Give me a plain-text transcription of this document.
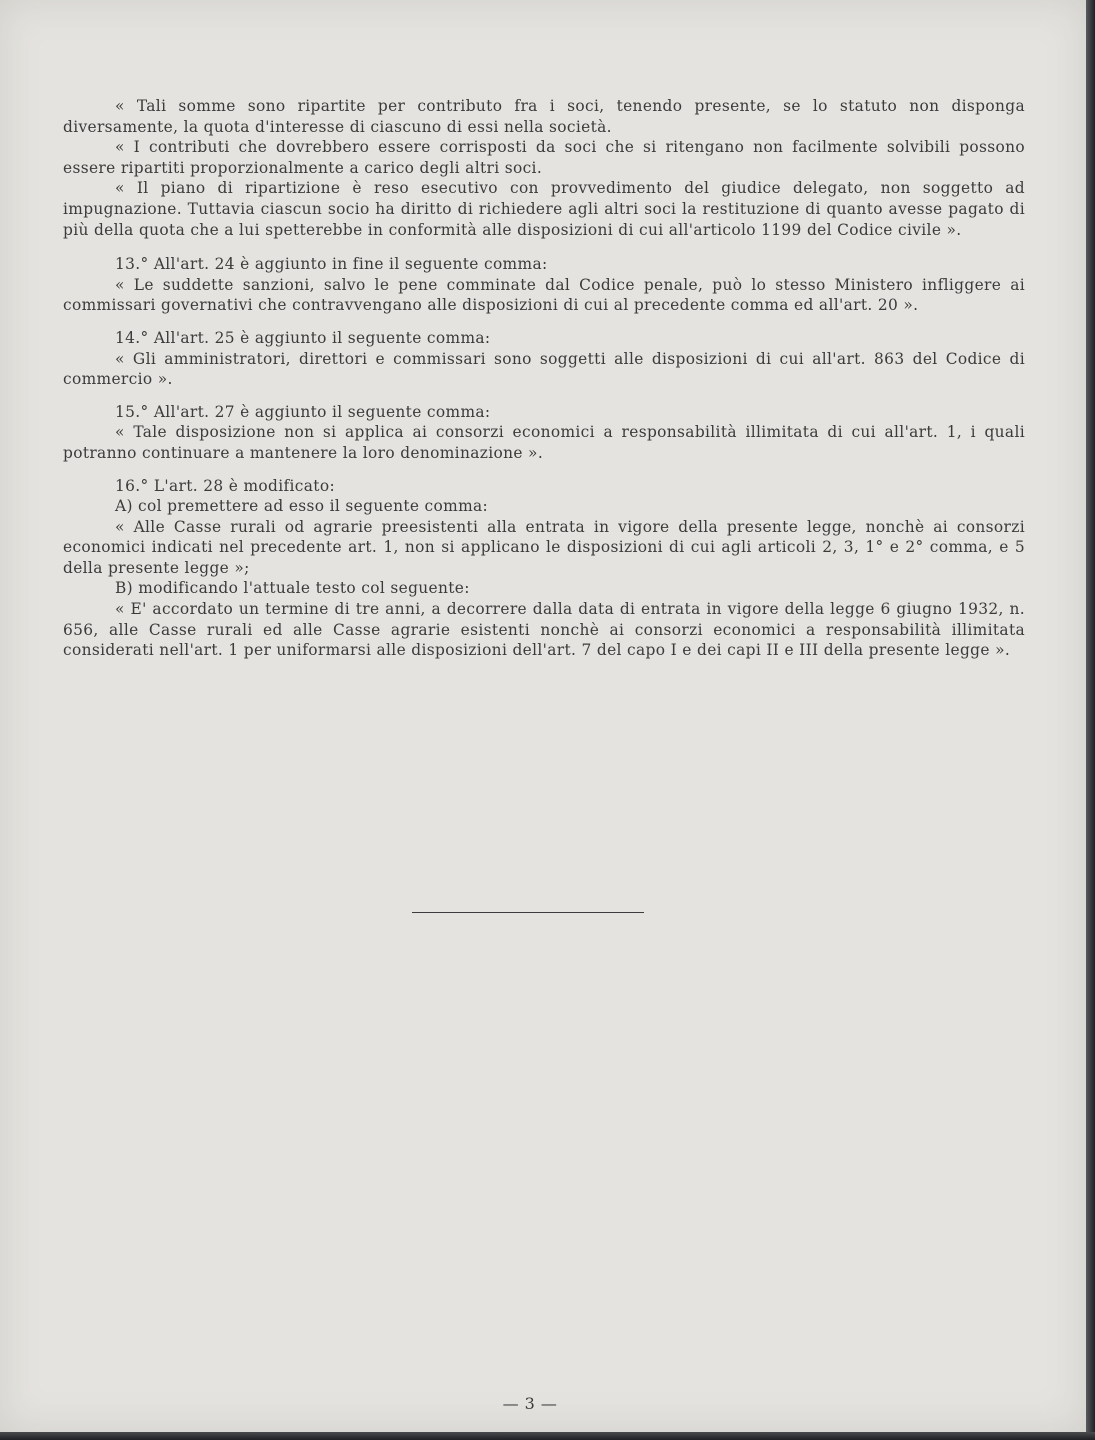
« Tali somme sono ripartite per contributo fra i soci, tenendo presente, se lo statuto non disponga diversamente, la quota d'interesse di ciascuno di essi nella società.

« I contributi che dovrebbero essere corrisposti da soci che si ritengano non facilmente solvibili possono essere ripartiti proporzionalmente a carico degli altri soci.

« Il piano di ripartizione è reso esecutivo con provvedimento del giudice delegato, non soggetto ad impugnazione. Tuttavia ciascun socio ha diritto di richiedere agli altri soci la restituzione di quanto avesse pagato di più della quota che a lui spetterebbe in conformità alle disposizioni di cui all'articolo 1199 del Codice civile ».

13.° All'art. 24 è aggiunto in fine il seguente comma:

« Le suddette sanzioni, salvo le pene comminate dal Codice penale, può lo stesso Ministero infliggere ai commissari governativi che contravvengano alle disposizioni di cui al precedente comma ed all'art. 20 ».

14.° All'art. 25 è aggiunto il seguente comma:

« Gli amministratori, direttori e commissari sono soggetti alle disposizioni di cui all'art. 863 del Codice di commercio ».

15.° All'art. 27 è aggiunto il seguente comma:

« Tale disposizione non si applica ai consorzi economici a responsabilità illimitata di cui all'art. 1, i quali potranno continuare a mantenere la loro denominazione ».

16.° L'art. 28 è modificato:

A) col premettere ad esso il seguente comma:

« Alle Casse rurali od agrarie preesistenti alla entrata in vigore della presente legge, nonchè ai consorzi economici indicati nel precedente art. 1, non si applicano le disposizioni di cui agli articoli 2, 3, 1° e 2° comma, e 5 della presente legge »;

B) modificando l'attuale testo col seguente:

« E' accordato un termine di tre anni, a decorrere dalla data di entrata in vigore della legge 6 giugno 1932, n. 656, alle Casse rurali ed alle Casse agrarie esistenti nonchè ai consorzi economici a responsabilità illimitata considerati nell'art. 1 per uniformarsi alle disposizioni dell'art. 7 del capo I e dei capi II e III della presente legge ».

— 3 —
